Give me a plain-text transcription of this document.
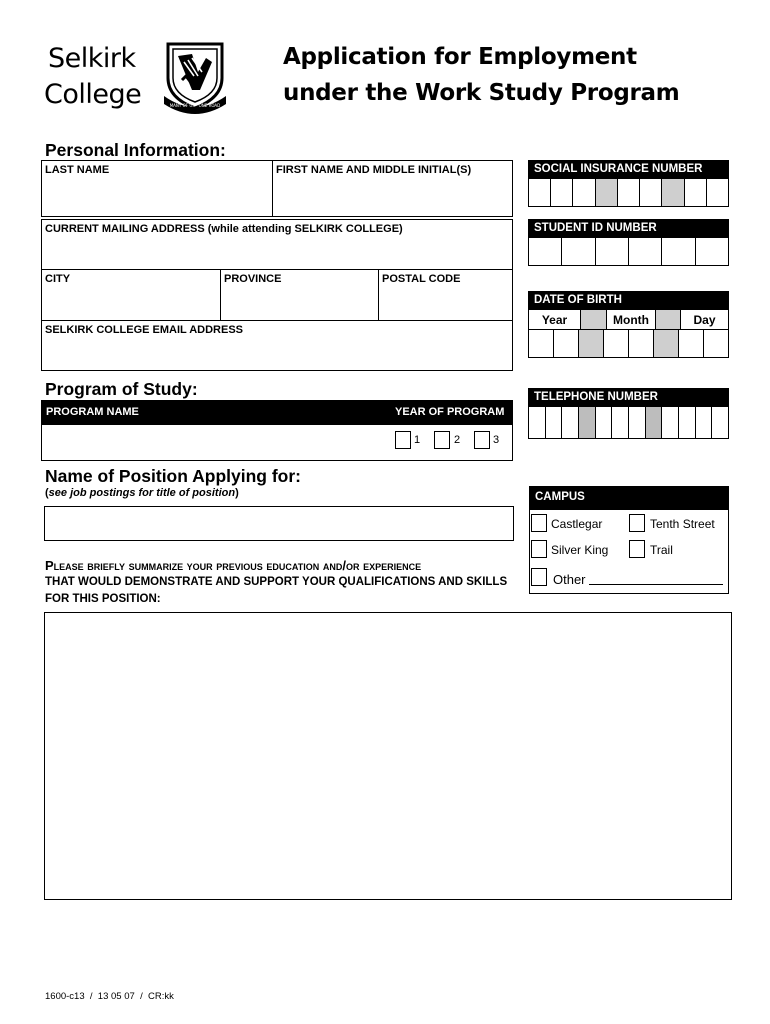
Selkirk
College	MANY OF US · ONE ROAD
Application for Employment
under the Work Study Program
Personal Information:
LAST NAME	FIRST NAME AND MIDDLE INITIAL(S)
CURRENT MAILING ADDRESS (while attending SELKIRK COLLEGE)
CITY	PROVINCE	POSTAL CODE
SELKIRK COLLEGE EMAIL ADDRESS
SOCIAL INSURANCE NUMBER
STUDENT ID NUMBER
DATE OF BIRTH
Year	Month	Day
TELEPHONE NUMBER
Program of Study:
PROGRAM NAME	YEAR OF PROGRAM
1	2	3
Name of Position Applying for:
(see job postings for title of position)	CAMPUS
Castlegar	Tenth Street
Silver King	Trail
Other
Please briefly summarize your previous education and/or experience
THAT WOULD DEMONSTRATE AND SUPPORT YOUR QUALIFICATIONS AND SKILLS
FOR THIS POSITION:
1600-c13  /  13 05 07  /  CR:kk
